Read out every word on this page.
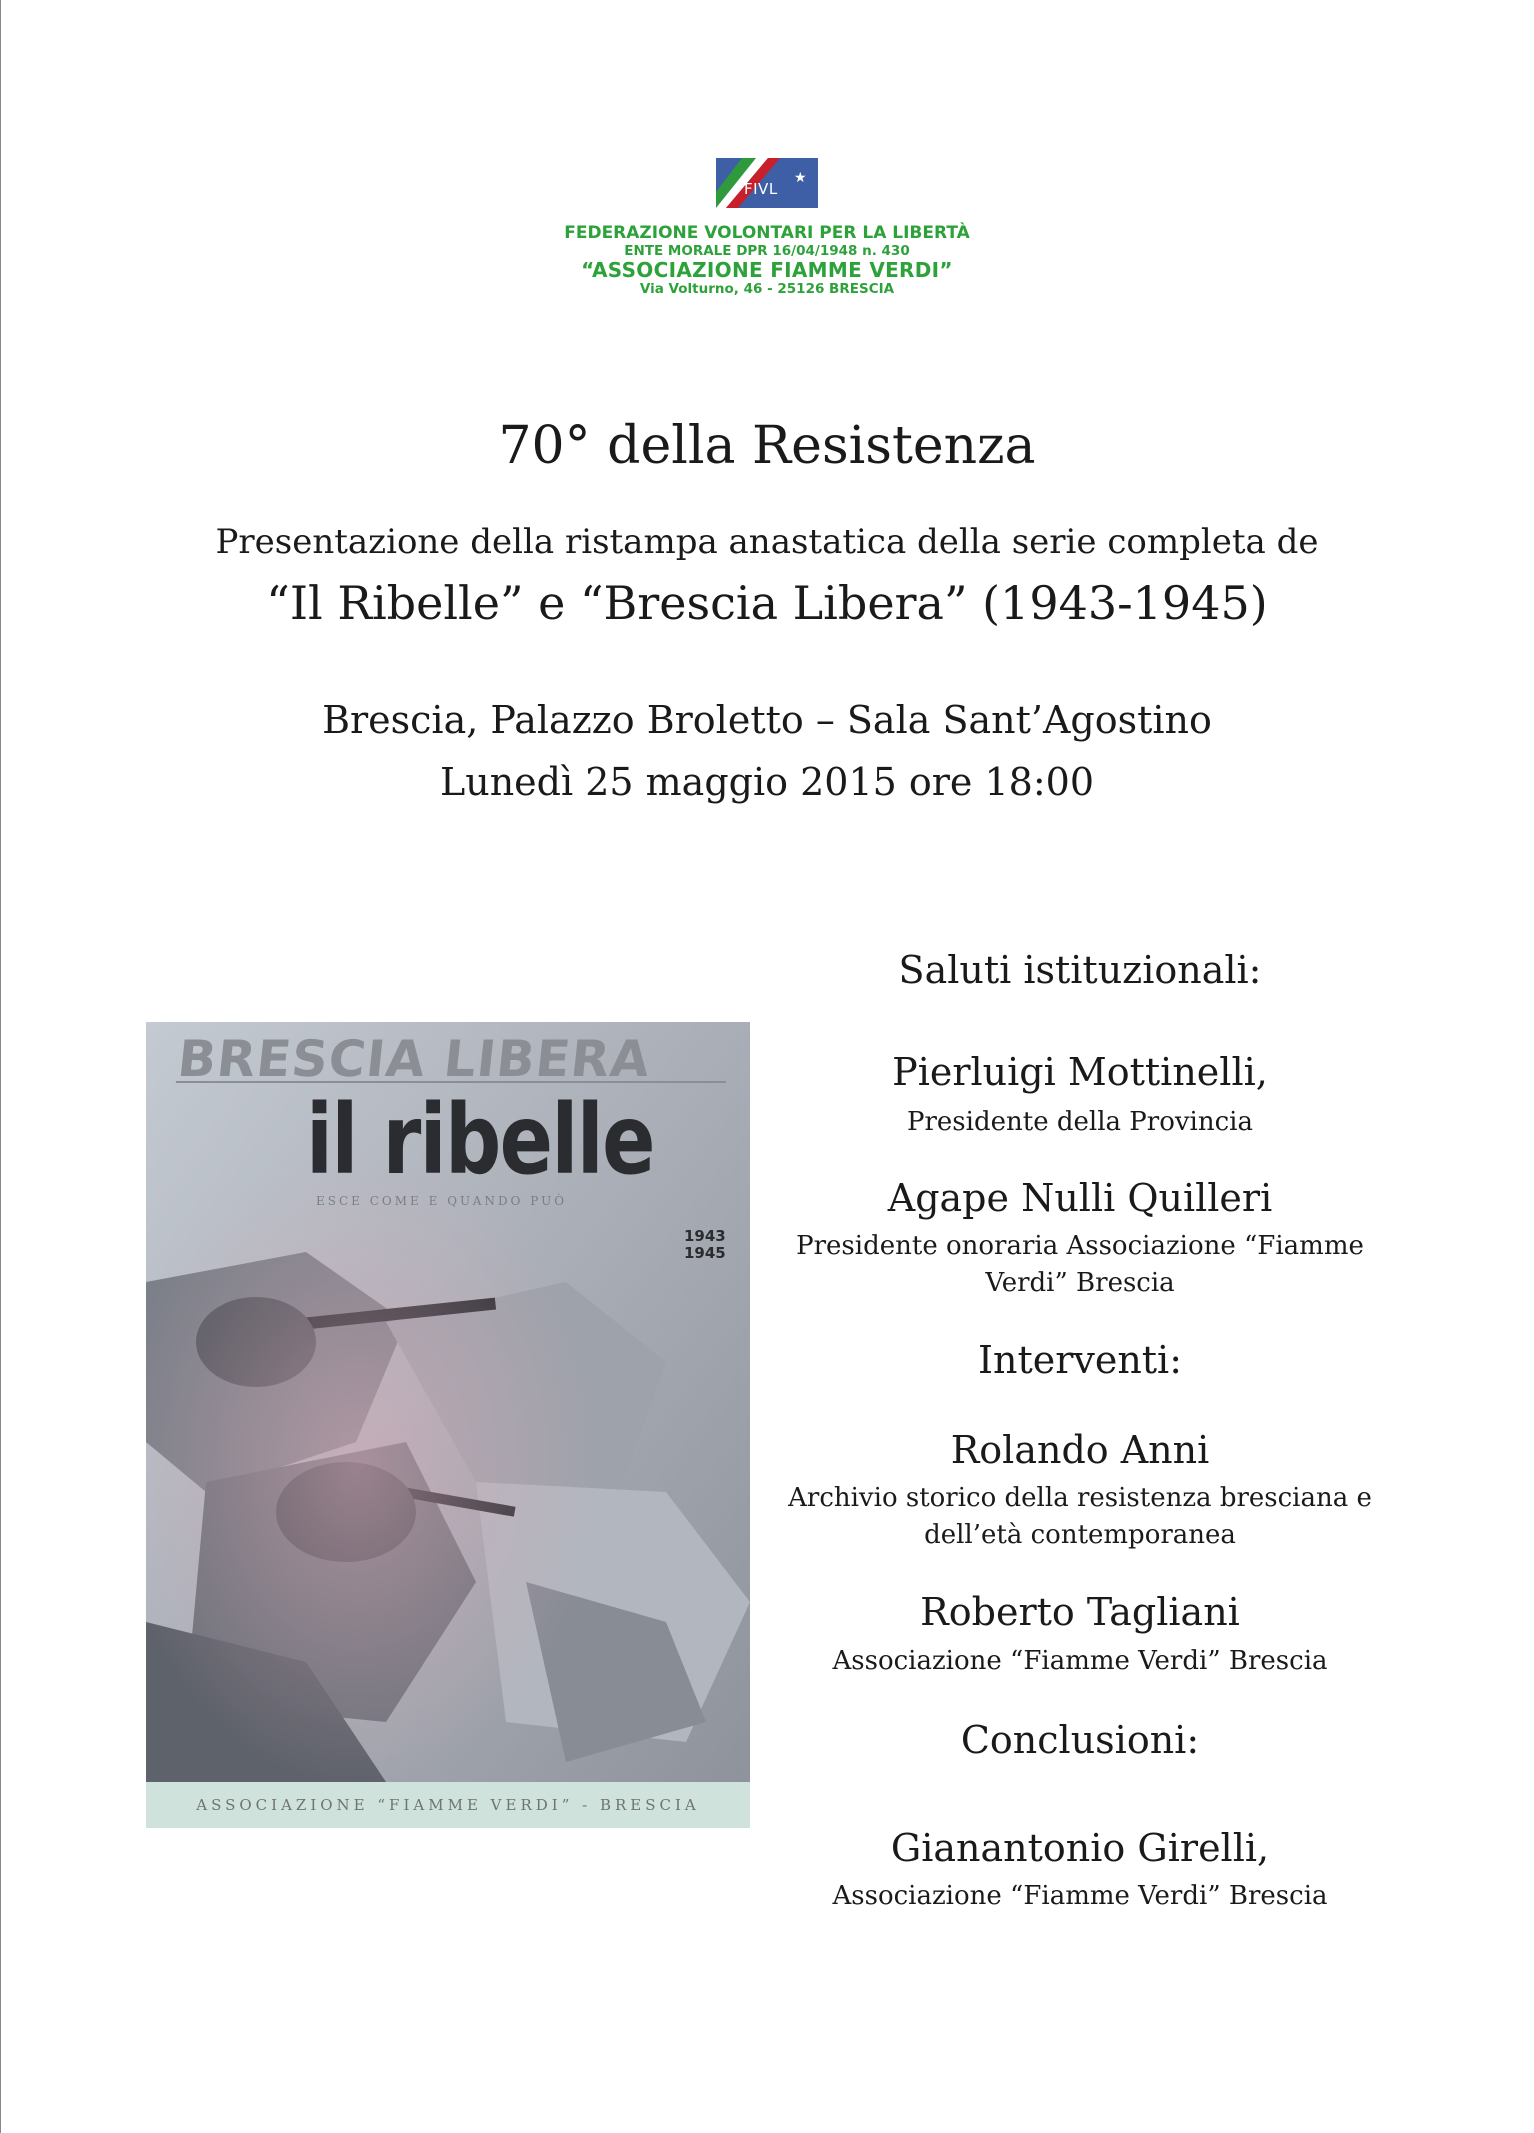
FIVL
★
FEDERAZIONE VOLONTARI PER LA LIBERTÀ
ENTE MORALE DPR 16/04/1948 n. 430
“ASSOCIAZIONE FIAMME VERDI”
Via Volturno, 46 - 25126 BRESCIA
70° della Resistenza
Presentazione della ristampa anastatica della serie completa de
“Il Ribelle” e “Brescia Libera” (1943-1945)
Brescia, Palazzo Broletto – Sala Sant’Agostino
Lunedì 25 maggio 2015 ore 18:00
BRESCIA LIBERA
il ribelle
ESCE COME E QUANDO PUÒ
1943
1945
ASSOCIAZIONE “FIAMME VERDI” - BRESCIA
Saluti istituzionali:
Pierluigi Mottinelli,
Presidente della Provincia
Agape Nulli Quilleri
Presidente onoraria Associazione “Fiamme
Verdi” Brescia
Interventi:
Rolando Anni
Archivio storico della resistenza bresciana e
dell’età contemporanea
Roberto Tagliani
Associazione “Fiamme Verdi” Brescia
Conclusioni:
Gianantonio Girelli,
Associazione “Fiamme Verdi” Brescia
